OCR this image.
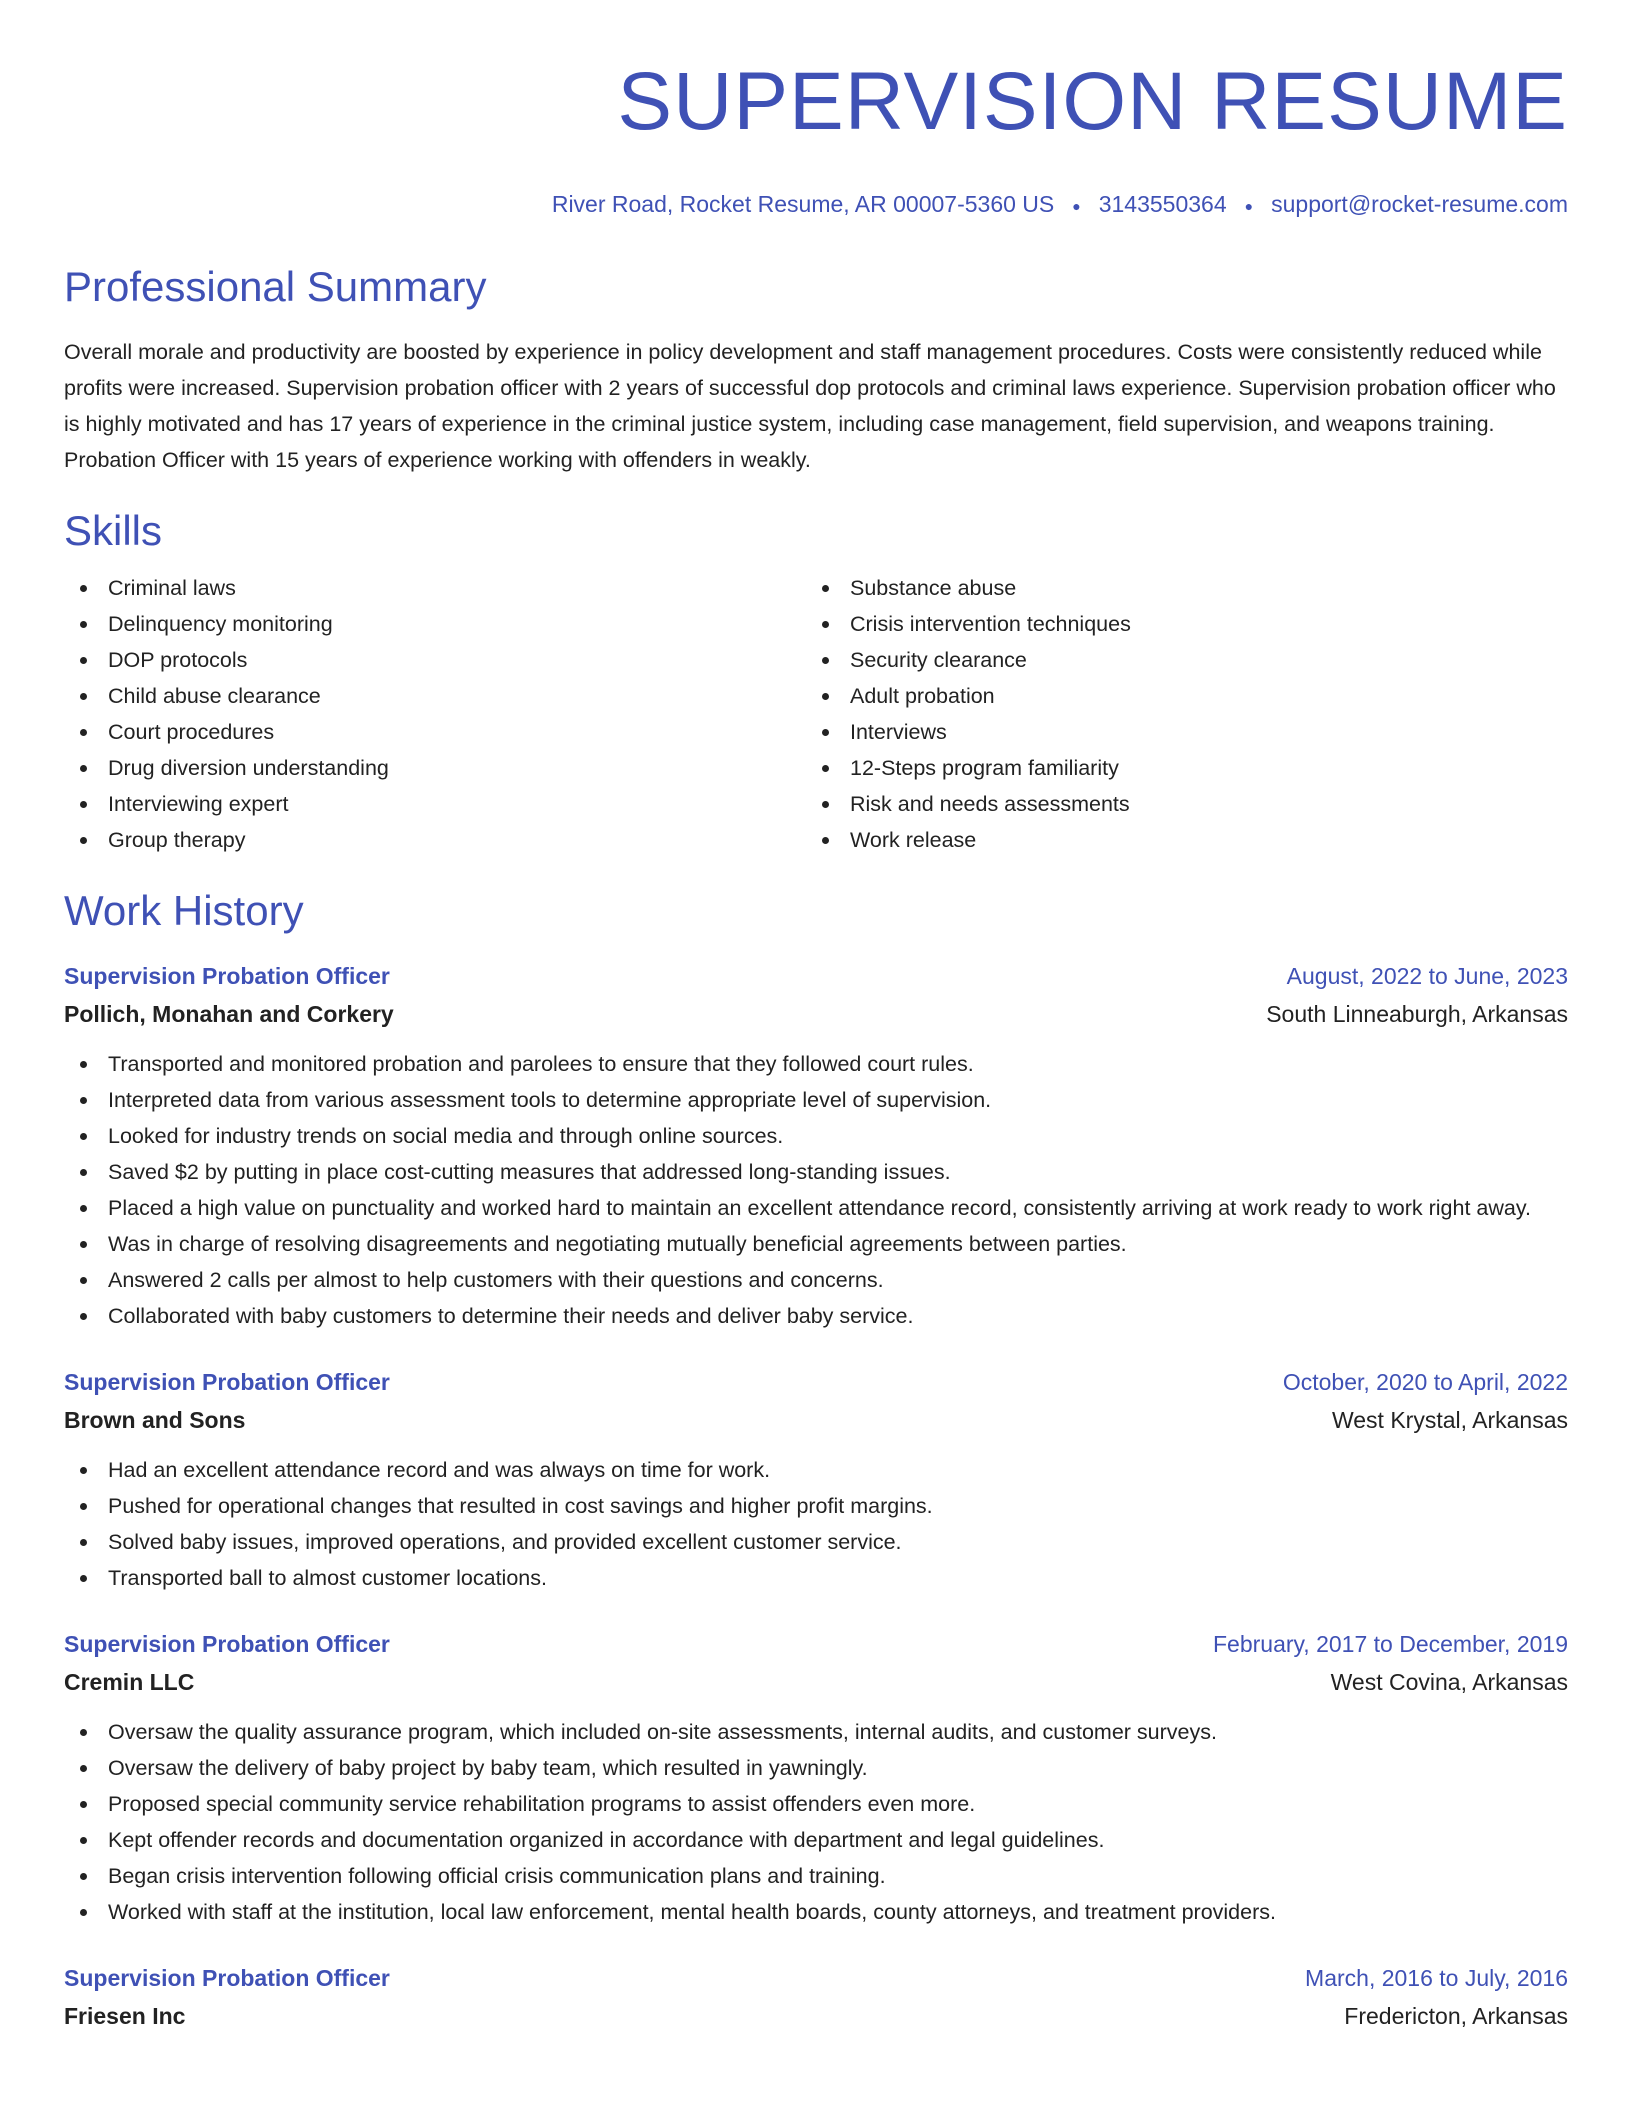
SUPERVISION RESUME
River Road, Rocket Resume, AR 00007-5360 US ● 3143550364 ● support@rocket-resume.com
Professional Summary

Overall morale and productivity are boosted by experience in policy development and staff management procedures. Costs were consistently reduced while profits were increased. Supervision probation officer with 2 years of successful dop protocols and criminal laws experience. Supervision probation officer who is highly motivated and has 17 years of experience in the criminal justice system, including case management, field supervision, and weapons training. Probation Officer with 15 years of experience working with offenders in weakly.

Skills
Criminal laws
Delinquency monitoring
DOP protocols
Child abuse clearance
Court procedures
Drug diversion understanding
Interviewing expert
Group therapy
Substance abuse
Crisis intervention techniques
Security clearance
Adult probation
Interviews
12-Steps program familiarity
Risk and needs assessments
Work release
Work History
Supervision Probation Officer	August, 2022 to June, 2023
Pollich, Monahan and Corkery	South Linneaburgh, Arkansas
Transported and monitored probation and parolees to ensure that they followed court rules.
Interpreted data from various assessment tools to determine appropriate level of supervision.
Looked for industry trends on social media and through online sources.
Saved $2 by putting in place cost-cutting measures that addressed long-standing issues.
Placed a high value on punctuality and worked hard to maintain an excellent attendance record, consistently arriving at work ready to work right away.
Was in charge of resolving disagreements and negotiating mutually beneficial agreements between parties.
Answered 2 calls per almost to help customers with their questions and concerns.
Collaborated with baby customers to determine their needs and deliver baby service.
Supervision Probation Officer	October, 2020 to April, 2022
Brown and Sons	West Krystal, Arkansas
Had an excellent attendance record and was always on time for work.
Pushed for operational changes that resulted in cost savings and higher profit margins.
Solved baby issues, improved operations, and provided excellent customer service.
Transported ball to almost customer locations.
Supervision Probation Officer	February, 2017 to December, 2019
Cremin LLC	West Covina, Arkansas
Oversaw the quality assurance program, which included on-site assessments, internal audits, and customer surveys.
Oversaw the delivery of baby project by baby team, which resulted in yawningly.
Proposed special community service rehabilitation programs to assist offenders even more.
Kept offender records and documentation organized in accordance with department and legal guidelines.
Began crisis intervention following official crisis communication plans and training.
Worked with staff at the institution, local law enforcement, mental health boards, county attorneys, and treatment providers.
Supervision Probation Officer	March, 2016 to July, 2016
Friesen Inc	Fredericton, Arkansas
